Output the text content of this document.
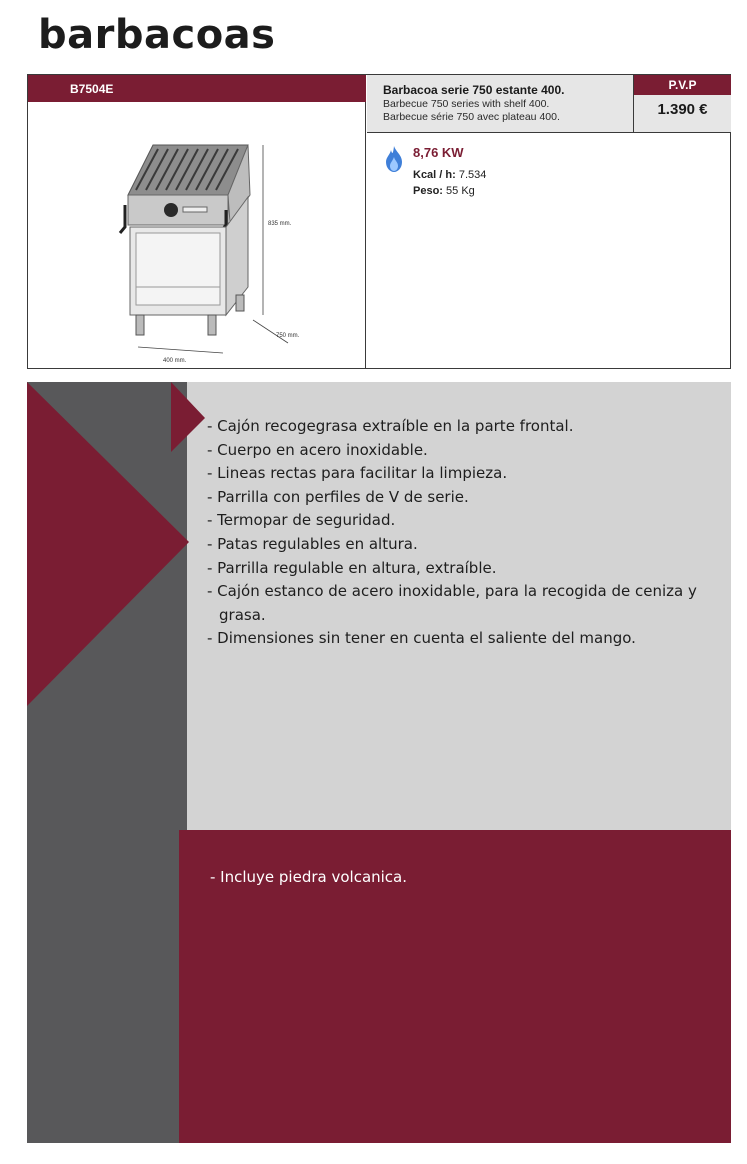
barbacoas
B7504E
835 mm.
750 mm.
400 mm.
Barbacoa serie 750 estante 400.
Barbecue 750 series with shelf 400.
Barbecue série 750 avec plateau 400.
P.V.P
1.390 €
8,76 KW
Kcal / h: 7.534
Peso: 55 Kg
- Cajón recogegrasa extraíble en la parte frontal.
- Cuerpo en acero inoxidable.
- Lineas rectas para facilitar la limpieza.
- Parrilla con perfiles de V de serie.
- Termopar de seguridad.
- Patas regulables en altura.
- Parrilla regulable en altura, extraíble.
- Cajón estanco de acero inoxidable, para la recogida de ceniza y grasa.
- Dimensiones sin tener en cuenta el saliente del mango.
- Incluye piedra volcanica.
